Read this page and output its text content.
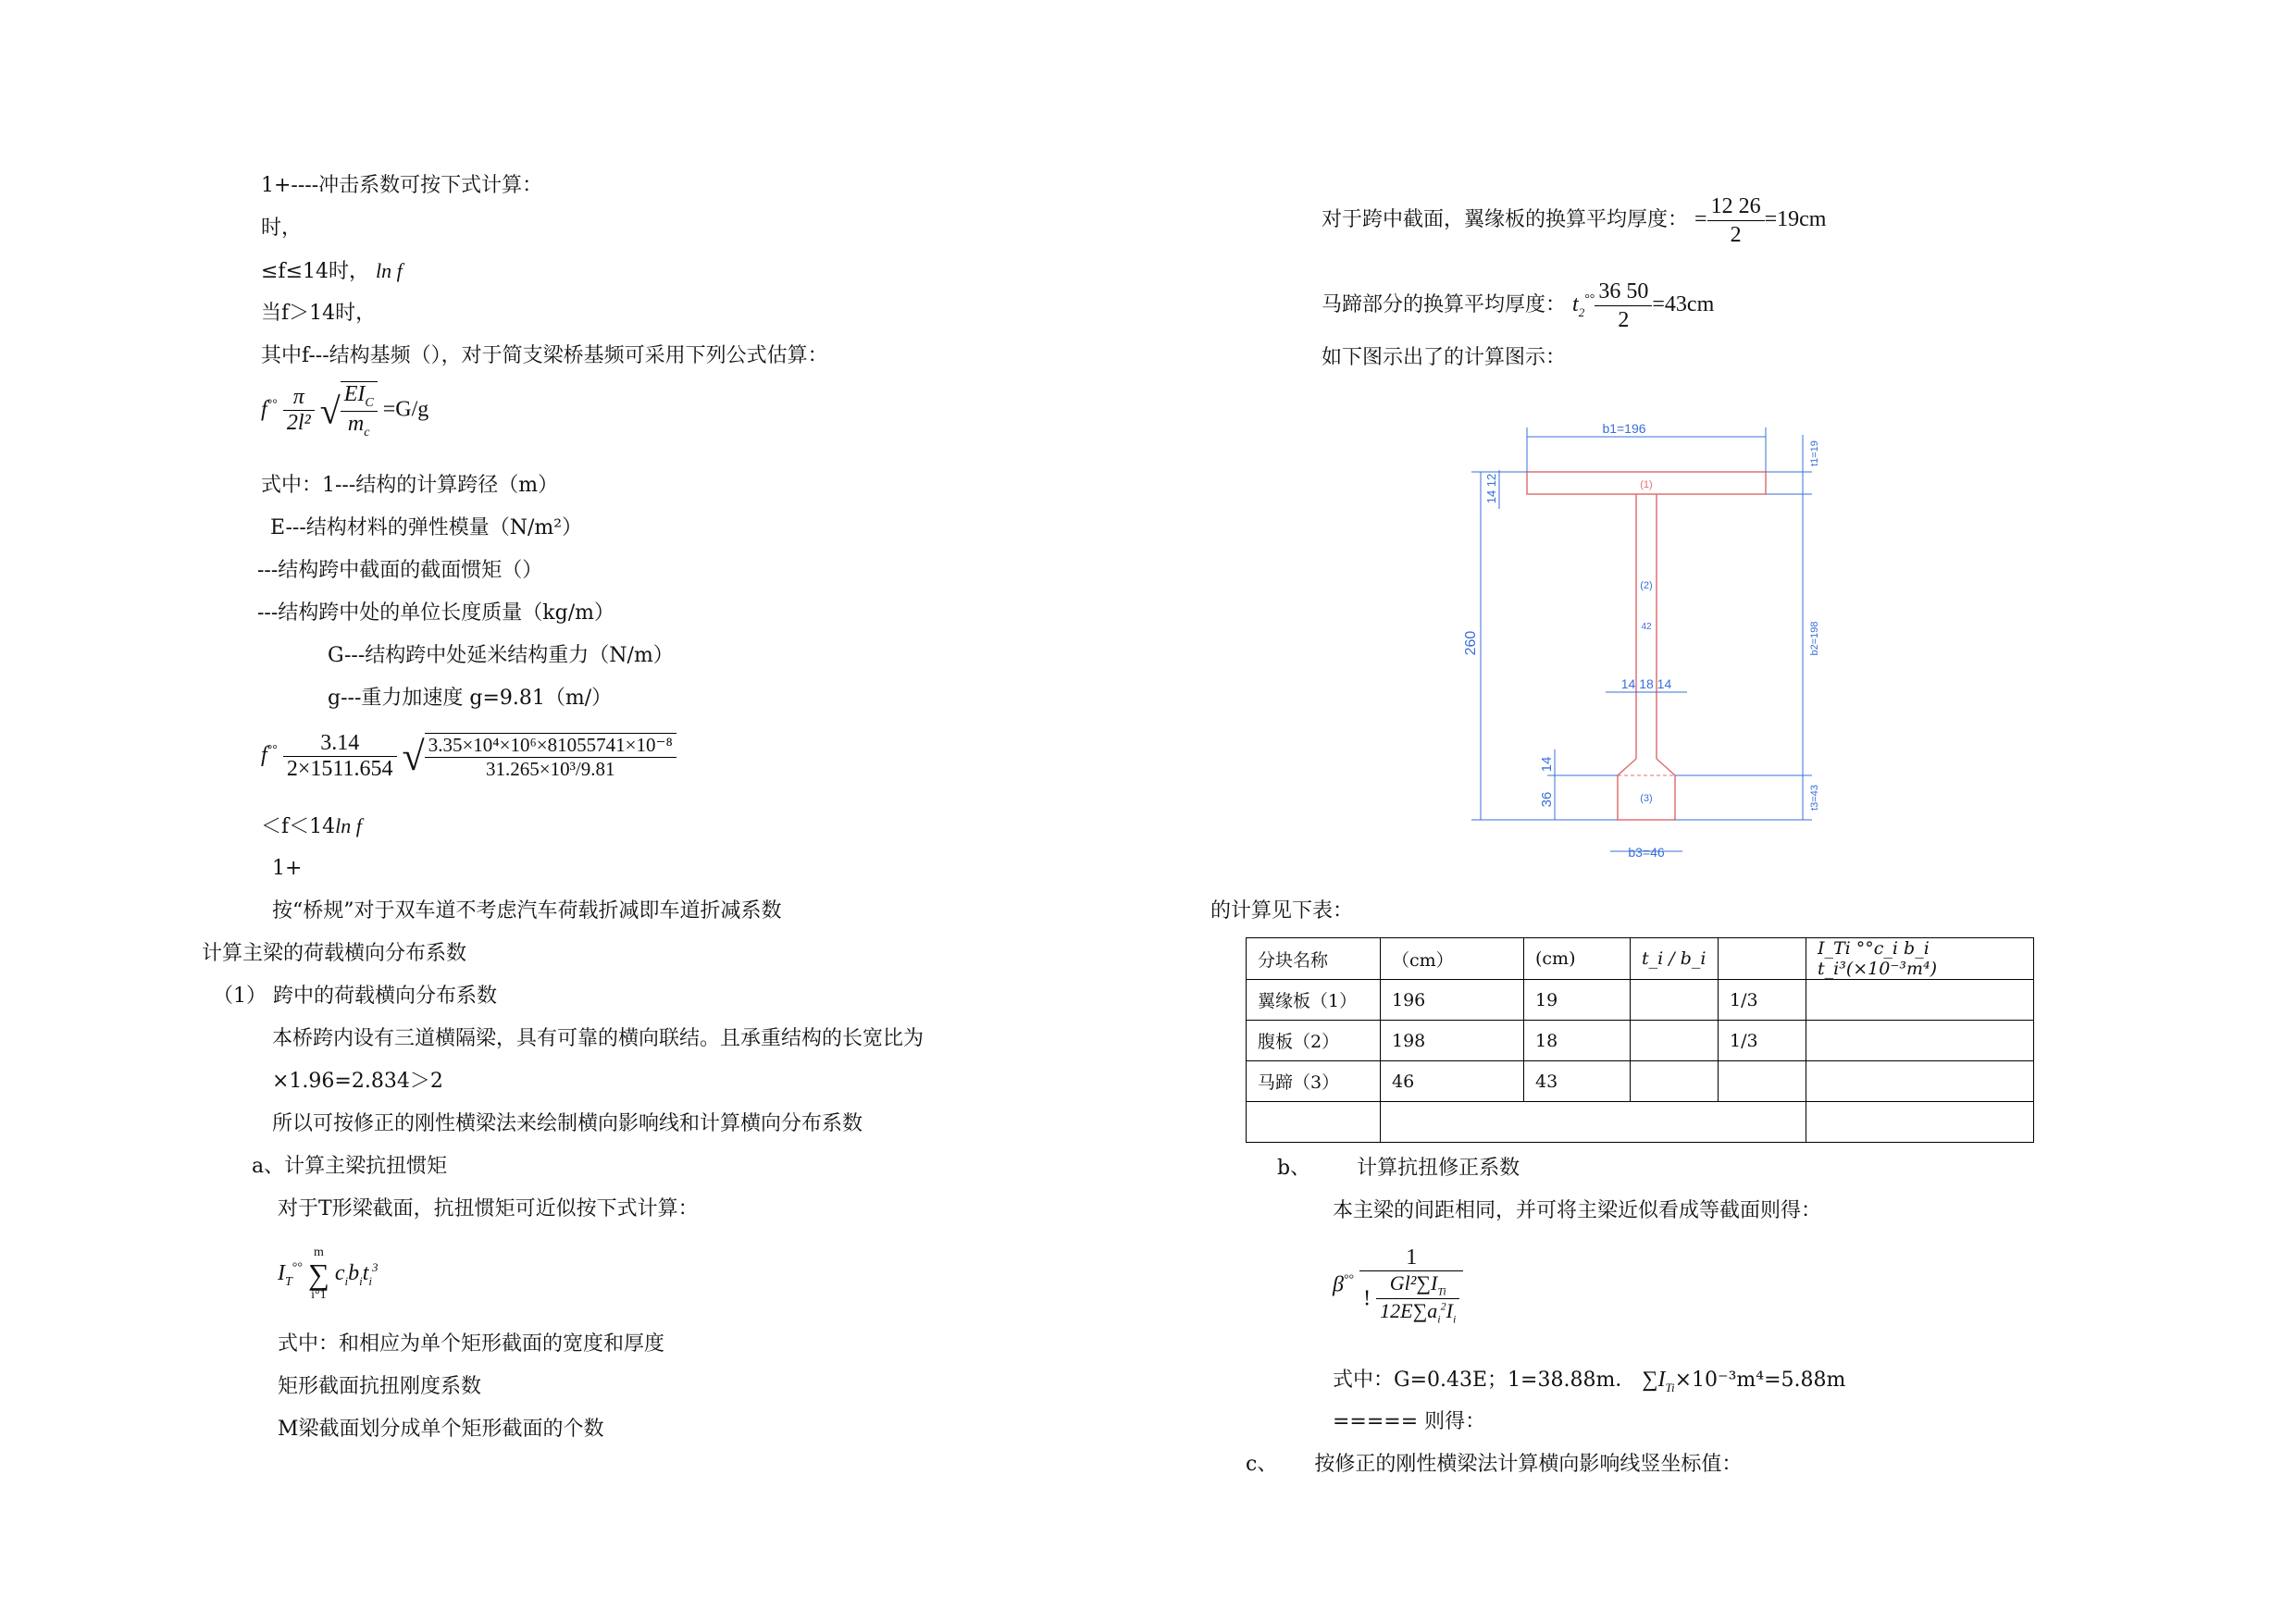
1+----冲击系数可按下式计算：
时，
≤f≤14时， ln f
当f＞14时，
其中f---结构基频（），对于简支梁桥基频可采用下列公式估算：
$f^{^\circ^\circ} \frac{\pi}{\text{2l²}}$ √ $\frac{EI_C}{m_c} =G/g$
式中：1---结构的计算跨径（m）
E---结构材料的弹性模量（N/m²）
---结构跨中截面的截面惯矩（）
---结构跨中处的单位长度质量（kg/m）
G---结构跨中处延米结构重力（N/m）
g---重力加速度 g=9.81（m/）
$f^{^\circ^\circ} \frac{3.14}{2\times 1511.654}$ √ $\frac{\text{3.35×10⁴×10⁶×81055741×10⁻⁸}}{\text{31.265×10³/9.81}}$
＜f＜14ln f
1+
按“桥规”对于双车道不考虑汽车荷载折减即车道折减系数
计算主梁的荷载横向分布系数
（1） 跨中的荷载横向分布系数
本桥跨内设有三道横隔梁，具有可靠的横向联结。且承重结构的长宽比为
×1.96=2.834＞2
所以可按修正的刚性横梁法来绘制横向影响线和计算横向分布系数
a、计算主梁抗扭惯矩
对于T形梁截面，抗扭惯矩可近似按下式计算：
$I_T^{^\circ^\circ}$
m
∑
i°1
$c_ib_it_i^3$
式中：和相应为单个矩形截面的宽度和厚度
矩形截面抗扭刚度系数
M梁截面划分成单个矩形截面的个数
对于跨中截面，翼缘板的换算平均厚度： = $\frac{12 26}{2} =19cm$
马蹄部分的换算平均厚度： $t_2^{^\circ^\circ} \frac{36 50}{2} =43cm$
如下图示出了的计算图示：
b1=196
t1=19
b2=198
t3=43
260
14 12
14
36
14 18 14
(1)
(2)
42
(3)
b3=46
的计算见下表：
分块名称	（cm）	(cm)	t_i / b_i		I_Ti °°c_i b_i t_i³(×10⁻³m⁴)
翼缘板（1）	196	19		1/3	
腹板（2）	198	18		1/3	
马蹄（3）	46	43			

b、 计算抗扭修正系数
本主梁的间距相同，并可将主梁近似看成等截面则得：
$\beta^{^\circ^\circ} \frac{1}{! \frac{Gl^2\sum I_{Ti}}{12E\sum a_i^2I_i}}$
式中：G=0.43E；1=38.88m． $\sum I_{Ti}\times 10^{-3}m^4=5.88m$
===== 则得：
c、 按修正的刚性横梁法计算横向影响线竖坐标值：
